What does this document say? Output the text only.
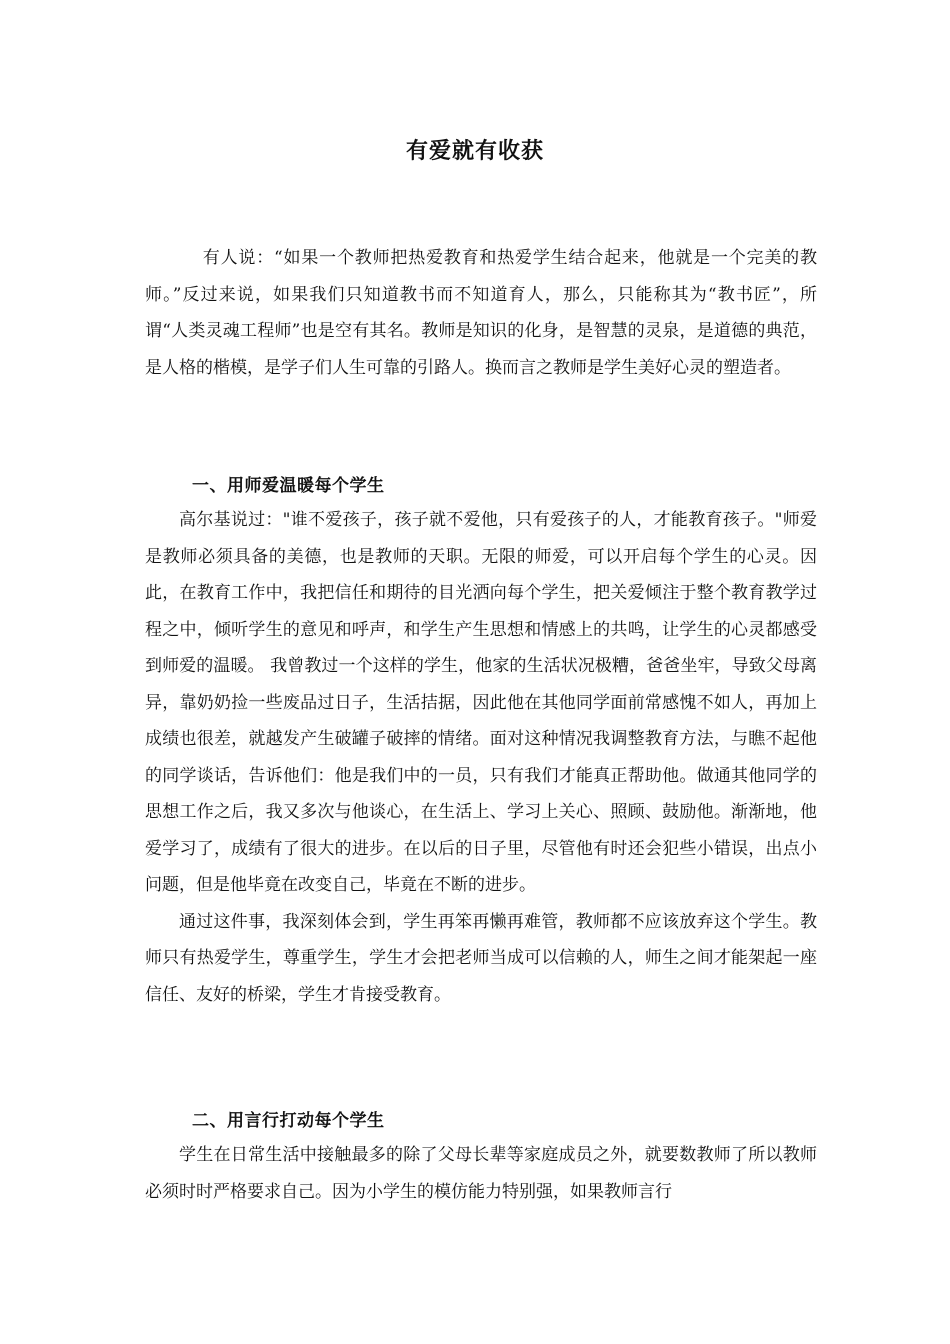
有爱就有收获

有人说：“如果一个教师把热爱教育和热爱学生结合起来，他就是一个完美的教师。”反过来说，如果我们只知道教书而不知道育人，那么，只能称其为“教书匠”，所谓“人类灵魂工程师”也是空有其名。教师是知识的化身，是智慧的灵泉，是道德的典范，是人格的楷模，是学子们人生可靠的引路人。换而言之教师是学生美好心灵的塑造者。

一、用师爱温暖每个学生

高尔基说过："谁不爱孩子，孩子就不爱他，只有爱孩子的人，才能教育孩子。"师爱是教师必须具备的美德，也是教师的天职。无限的师爱，可以开启每个学生的心灵。因此，在教育工作中，我把信任和期待的目光洒向每个学生，把关爱倾注于整个教育教学过程之中，倾听学生的意见和呼声，和学生产生思想和情感上的共鸣，让学生的心灵都感受到师爱的温暖。 我曾教过一个这样的学生，他家的生活状况极糟，爸爸坐牢，导致父母离异，靠奶奶捡一些废品过日子，生活拮据，因此他在其他同学面前常感愧不如人，再加上成绩也很差，就越发产生破罐子破摔的情绪。面对这种情况我调整教育方法，与瞧不起他的同学谈话，告诉他们：他是我们中的一员，只有我们才能真正帮助他。做通其他同学的思想工作之后，我又多次与他谈心，在生活上、学习上关心、照顾、鼓励他。渐渐地，他爱学习了，成绩有了很大的进步。在以后的日子里，尽管他有时还会犯些小错误，出点小问题，但是他毕竟在改变自己，毕竟在不断的进步。

通过这件事，我深刻体会到，学生再笨再懒再难管，教师都不应该放弃这个学生。教师只有热爱学生，尊重学生，学生才会把老师当成可以信赖的人，师生之间才能架起一座信任、友好的桥梁，学生才肯接受教育。

二、用言行打动每个学生

学生在日常生活中接触最多的除了父母长辈等家庭成员之外，就要数教师了所以教师必须时时严格要求自己。因为小学生的模仿能力特别强，如果教师言行
